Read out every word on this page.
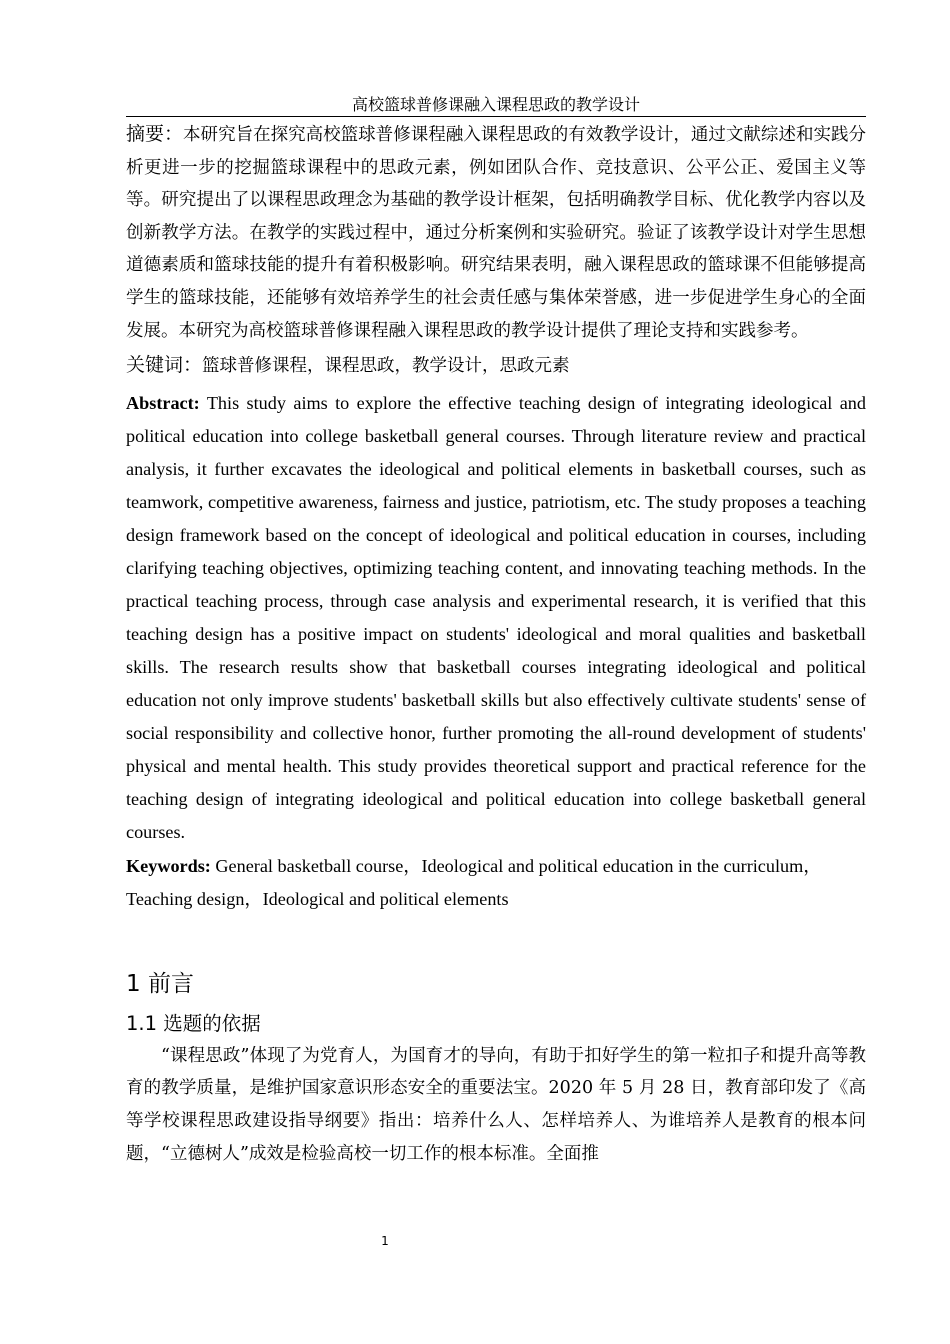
高校篮球普修课融入课程思政的教学设计

摘要：本研究旨在探究高校篮球普修课程融入课程思政的有效教学设计，通过文献综述和实践分析更进一步的挖掘篮球课程中的思政元素，例如团队合作、竞技意识、公平公正、爱国主义等等。研究提出了以课程思政理念为基础的教学设计框架，包括明确教学目标、优化教学内容以及创新教学方法。在教学的实践过程中，通过分析案例和实验研究。验证了该教学设计对学生思想道德素质和篮球技能的提升有着积极影响。研究结果表明，融入课程思政的篮球课不但能够提高学生的篮球技能，还能够有效培养学生的社会责任感与集体荣誉感，进一步促进学生身心的全面发展。本研究为高校篮球普修课程融入课程思政的教学设计提供了理论支持和实践参考。

关键词：篮球普修课程，课程思政，教学设计，思政元素

Abstract: This study aims to explore the effective teaching design of integrating ideological and political education into college basketball general courses. Through literature review and practical analysis, it further excavates the ideological and political elements in basketball courses, such as teamwork, competitive awareness, fairness and justice, patriotism, etc. The study proposes a teaching design framework based on the concept of ideological and political education in courses, including clarifying teaching objectives, optimizing teaching content, and innovating teaching methods. In the practical teaching process, through case analysis and experimental research, it is verified that this teaching design has a positive impact on students' ideological and moral qualities and basketball skills. The research results show that basketball courses integrating ideological and political education not only improve students' basketball skills but also effectively cultivate students' sense of social responsibility and collective honor, further promoting the all-round development of students' physical and mental health. This study provides theoretical support and practical reference for the teaching design of integrating ideological and political education into college basketball general courses.

Keywords: General basketball course，Ideological and political education in the curriculum，Teaching design，Ideological and political elements

1 前言
1.1 选题的依据

“课程思政”体现了为党育人，为国育才的导向，有助于扣好学生的第一粒扣子和提升高等教育的教学质量，是维护国家意识形态安全的重要法宝。2020 年 5 月 28 日，教育部印发了《高等学校课程思政建设指导纲要》指出：培养什么人、怎样培养人、为谁培养人是教育的根本问题，“立德树人”成效是检验高校一切工作的根本标准。全面推

1
